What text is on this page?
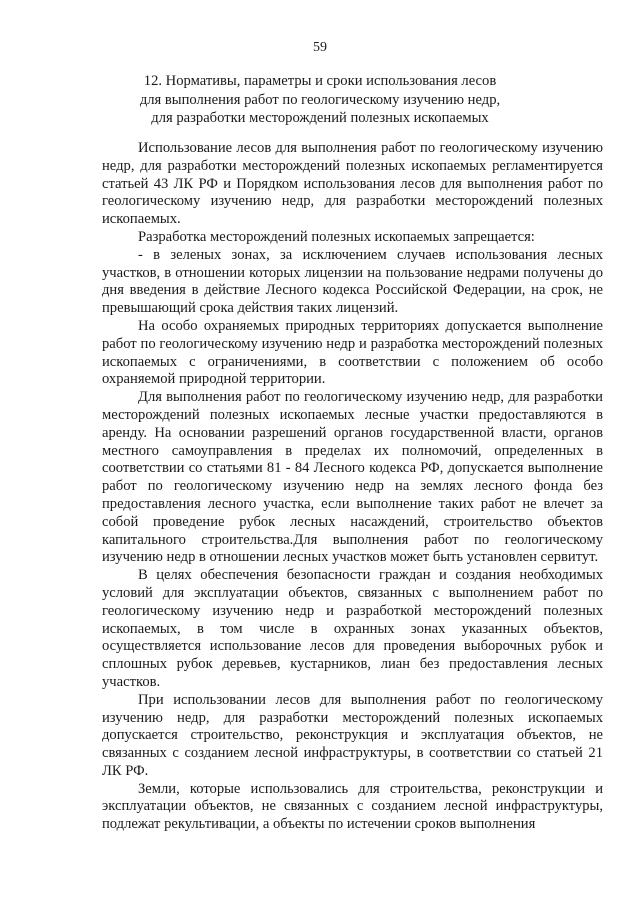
59
12. Нормативы, параметры и сроки использования лесов
для выполнения работ по геологическому изучению недр,
для разработки месторождений полезных ископаемых

Использование лесов для выполнения работ по геологическому изучению недр, для разработки месторождений полезных ископаемых регламентируется статьей 43 ЛК РФ и Порядком использования лесов для выполнения работ по геологическому изучению недр, для разработки месторождений полезных ископаемых.

Разработка месторождений полезных ископаемых запрещается:

- в зеленых зонах, за исключением случаев использования лесных участков, в отношении которых лицензии на пользование недрами получены до дня введения в действие Лесного кодекса Российской Федерации, на срок, не превышающий срока действия таких лицензий.

На особо охраняемых природных территориях допускается выполнение работ по геологическому изучению недр и разработка месторождений полезных ископаемых с ограничениями, в соответствии с положением об особо охраняемой природной территории.

Для выполнения работ по геологическому изучению недр, для разработки месторождений полезных ископаемых лесные участки предоставляются в аренду. На основании разрешений органов государственной власти, органов местного самоуправления в пределах их полномочий, определенных в соответствии со статьями 81 - 84 Лесного кодекса РФ, допускается выполнение работ по геологическому изучению недр на землях лесного фонда без предоставления лесного участка, если выполнение таких работ не влечет за собой проведение рубок лесных насаждений, строительство объектов капитального строительства.Для выполнения работ по геологическому изучению недр в отношении лесных участков может быть установлен сервитут.

В целях обеспечения безопасности граждан и создания необходимых условий для эксплуатации объектов, связанных с выполнением работ по геологическому изучению недр и разработкой месторождений полезных ископаемых, в том числе в охранных зонах указанных объектов, осуществляется использование лесов для проведения выборочных рубок и сплошных рубок деревьев, кустарников, лиан без предоставления лесных участков.

При использовании лесов для выполнения работ по геологическому изучению недр, для разработки месторождений полезных ископаемых допускается строительство, реконструкция и эксплуатация объектов, не связанных с созданием лесной инфраструктуры, в соответствии со статьей 21 ЛК РФ.

Земли, которые использовались для строительства, реконструкции и эксплуатации объектов, не связанных с созданием лесной инфраструктуры, подлежат рекультивации, а объекты по истечении сроков выполнения
